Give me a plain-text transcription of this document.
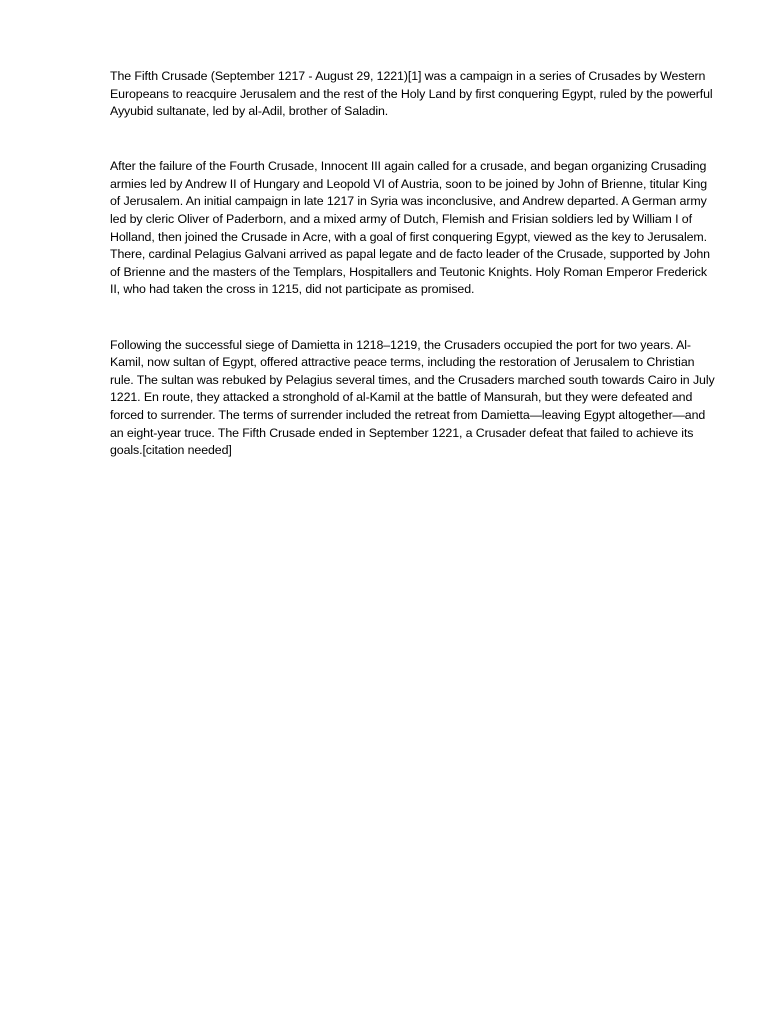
The Fifth Crusade (September 1217 - August 29, 1221)[1] was a campaign in a series of Crusades by Western Europeans to reacquire Jerusalem and the rest of the Holy Land by first conquering Egypt, ruled by the powerful Ayyubid sultanate, led by al-Adil, brother of Saladin.

After the failure of the Fourth Crusade, Innocent III again called for a crusade, and began organizing Crusading armies led by Andrew II of Hungary and Leopold VI of Austria, soon to be joined by John of Brienne, titular King of Jerusalem. An initial campaign in late 1217 in Syria was inconclusive, and Andrew departed. A German army led by cleric Oliver of Paderborn, and a mixed army of Dutch, Flemish and Frisian soldiers led by William I of Holland, then joined the Crusade in Acre, with a goal of first conquering Egypt, viewed as the key to Jerusalem. There, cardinal Pelagius Galvani arrived as papal legate and de facto leader of the Crusade, supported by John of Brienne and the masters of the Templars, Hospitallers and Teutonic Knights. Holy Roman Emperor Frederick II, who had taken the cross in 1215, did not participate as promised.

Following the successful siege of Damietta in 1218–1219, the Crusaders occupied the port for two years. Al-Kamil, now sultan of Egypt, offered attractive peace terms, including the restoration of Jerusalem to Christian rule. The sultan was rebuked by Pelagius several times, and the Crusaders marched south towards Cairo in July 1221. En route, they attacked a stronghold of al-Kamil at the battle of Mansurah, but they were defeated and forced to surrender. The terms of surrender included the retreat from Damietta—leaving Egypt altogether—and an eight-year truce. The Fifth Crusade ended in September 1221, a Crusader defeat that failed to achieve its goals.[citation needed]
